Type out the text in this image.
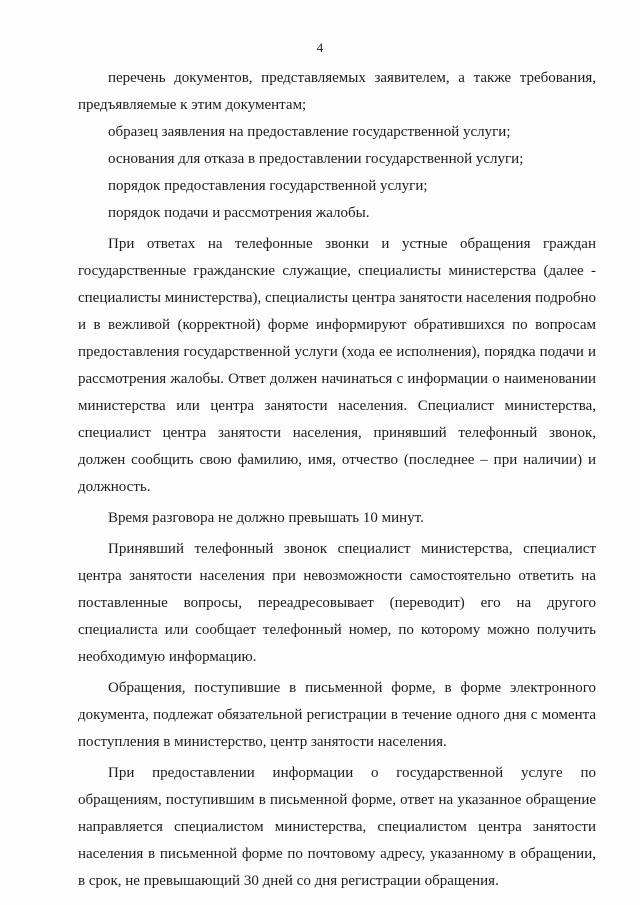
4

перечень документов, представляемых заявителем, а также требования, предъявляемые к этим документам;

образец заявления на предоставление государственной услуги;

основания для отказа в предоставлении государственной услуги;

порядок предоставления государственной услуги;

порядок подачи и рассмотрения жалобы.

При ответах на телефонные звонки и устные обращения граждан государственные гражданские служащие, специалисты министерства (далее - специалисты министерства), специалисты центра занятости населения подробно и в вежливой (корректной) форме информируют обратившихся по вопросам предоставления государственной услуги (хода ее исполнения), порядка подачи и рассмотрения жалобы. Ответ должен начинаться с информации о наименовании министерства или центра занятости населения. Специалист министерства, специалист центра занятости населения, принявший телефонный звонок, должен сообщить свою фамилию, имя, отчество (последнее – при наличии) и должность.

Время разговора не должно превышать 10 минут.

Принявший телефонный звонок специалист министерства, специалист центра занятости населения при невозможности самостоятельно ответить на поставленные вопросы, переадресовывает (переводит) его на другого специалиста или сообщает телефонный номер, по которому можно получить необходимую информацию.

Обращения, поступившие в письменной форме, в форме электронного документа, подлежат обязательной регистрации в течение одного дня с момента поступления в министерство, центр занятости населения.

При предоставлении информации о государственной услуге по обращениям, поступившим в письменной форме, ответ на указанное обращение направляется специалистом министерства, специалистом центра занятости населения в письменной форме по почтовому адресу, указанному в обращении, в срок, не превышающий 30 дней со дня регистрации обращения.
